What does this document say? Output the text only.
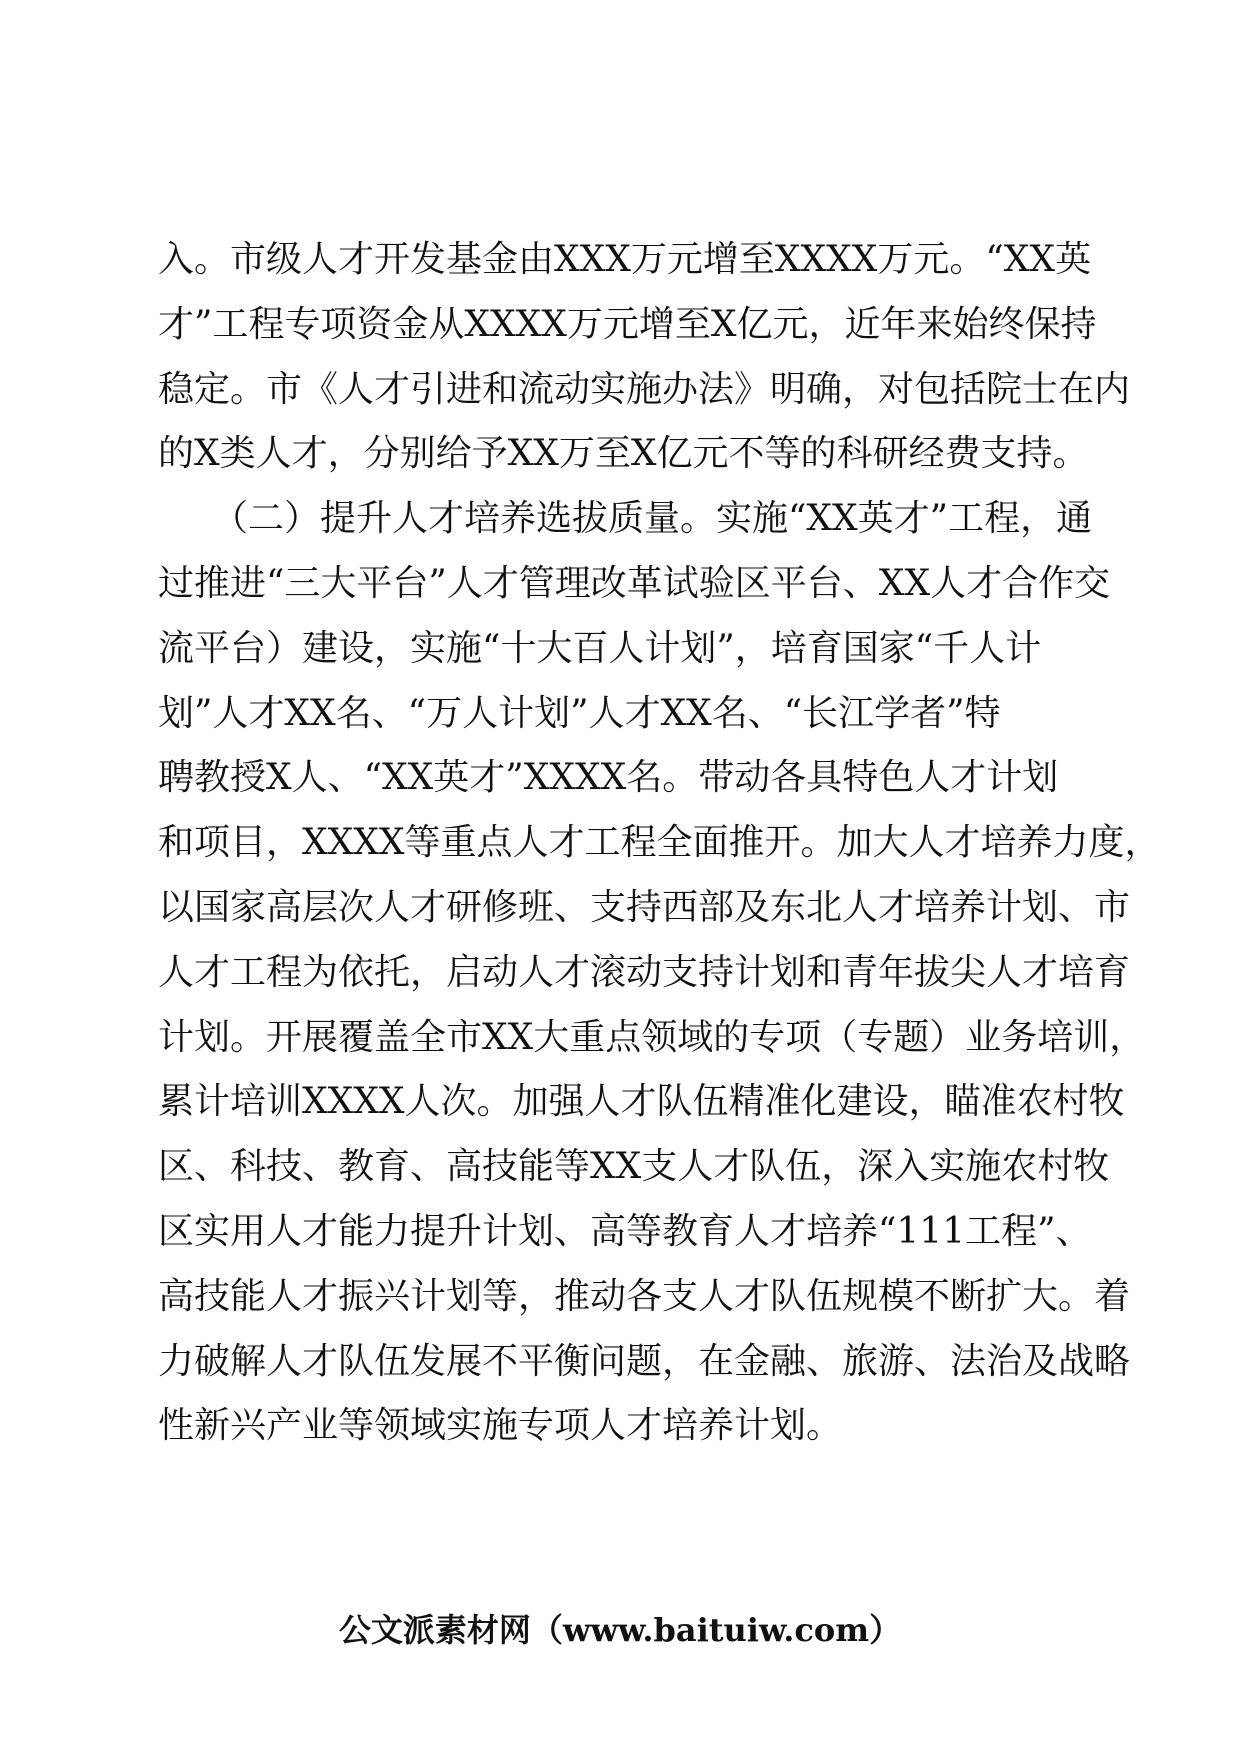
入。市级人才开发基金由XXX万元增至XXXX万元。“XX英
才”工程专项资金从XXXX万元增至X亿元，近年来始终保持
稳定。市《人才引进和流动实施办法》明确，对包括院士在内
的X类人才，分别给予XX万至X亿元不等的科研经费支持。
　　（二）提升人才培养选拔质量。实施“XX英才”工程，通
过推进“三大平台”人才管理改革试验区平台、XX人才合作交
流平台）建设，实施“十大百人计划”，培育国家“千人计
划”人才XX名、“万人计划”人才XX名、“长江学者”特
聘教授X人、“XX英才”XXXX名。带动各具特色人才计划
和项目，XXXX等重点人才工程全面推开。加大人才培养力度，
以国家高层次人才研修班、支持西部及东北人才培养计划、市
人才工程为依托，启动人才滚动支持计划和青年拔尖人才培育
计划。开展覆盖全市XX大重点领域的专项（专题）业务培训，
累计培训XXXX人次。加强人才队伍精准化建设，瞄准农村牧
区、科技、教育、高技能等XX支人才队伍，深入实施农村牧
区实用人才能力提升计划、高等教育人才培养“111工程”、
高技能人才振兴计划等，推动各支人才队伍规模不断扩大。着
力破解人才队伍发展不平衡问题，在金融、旅游、法治及战略
性新兴产业等领域实施专项人才培养计划。
公文派素材网（www.baituiw.com）
